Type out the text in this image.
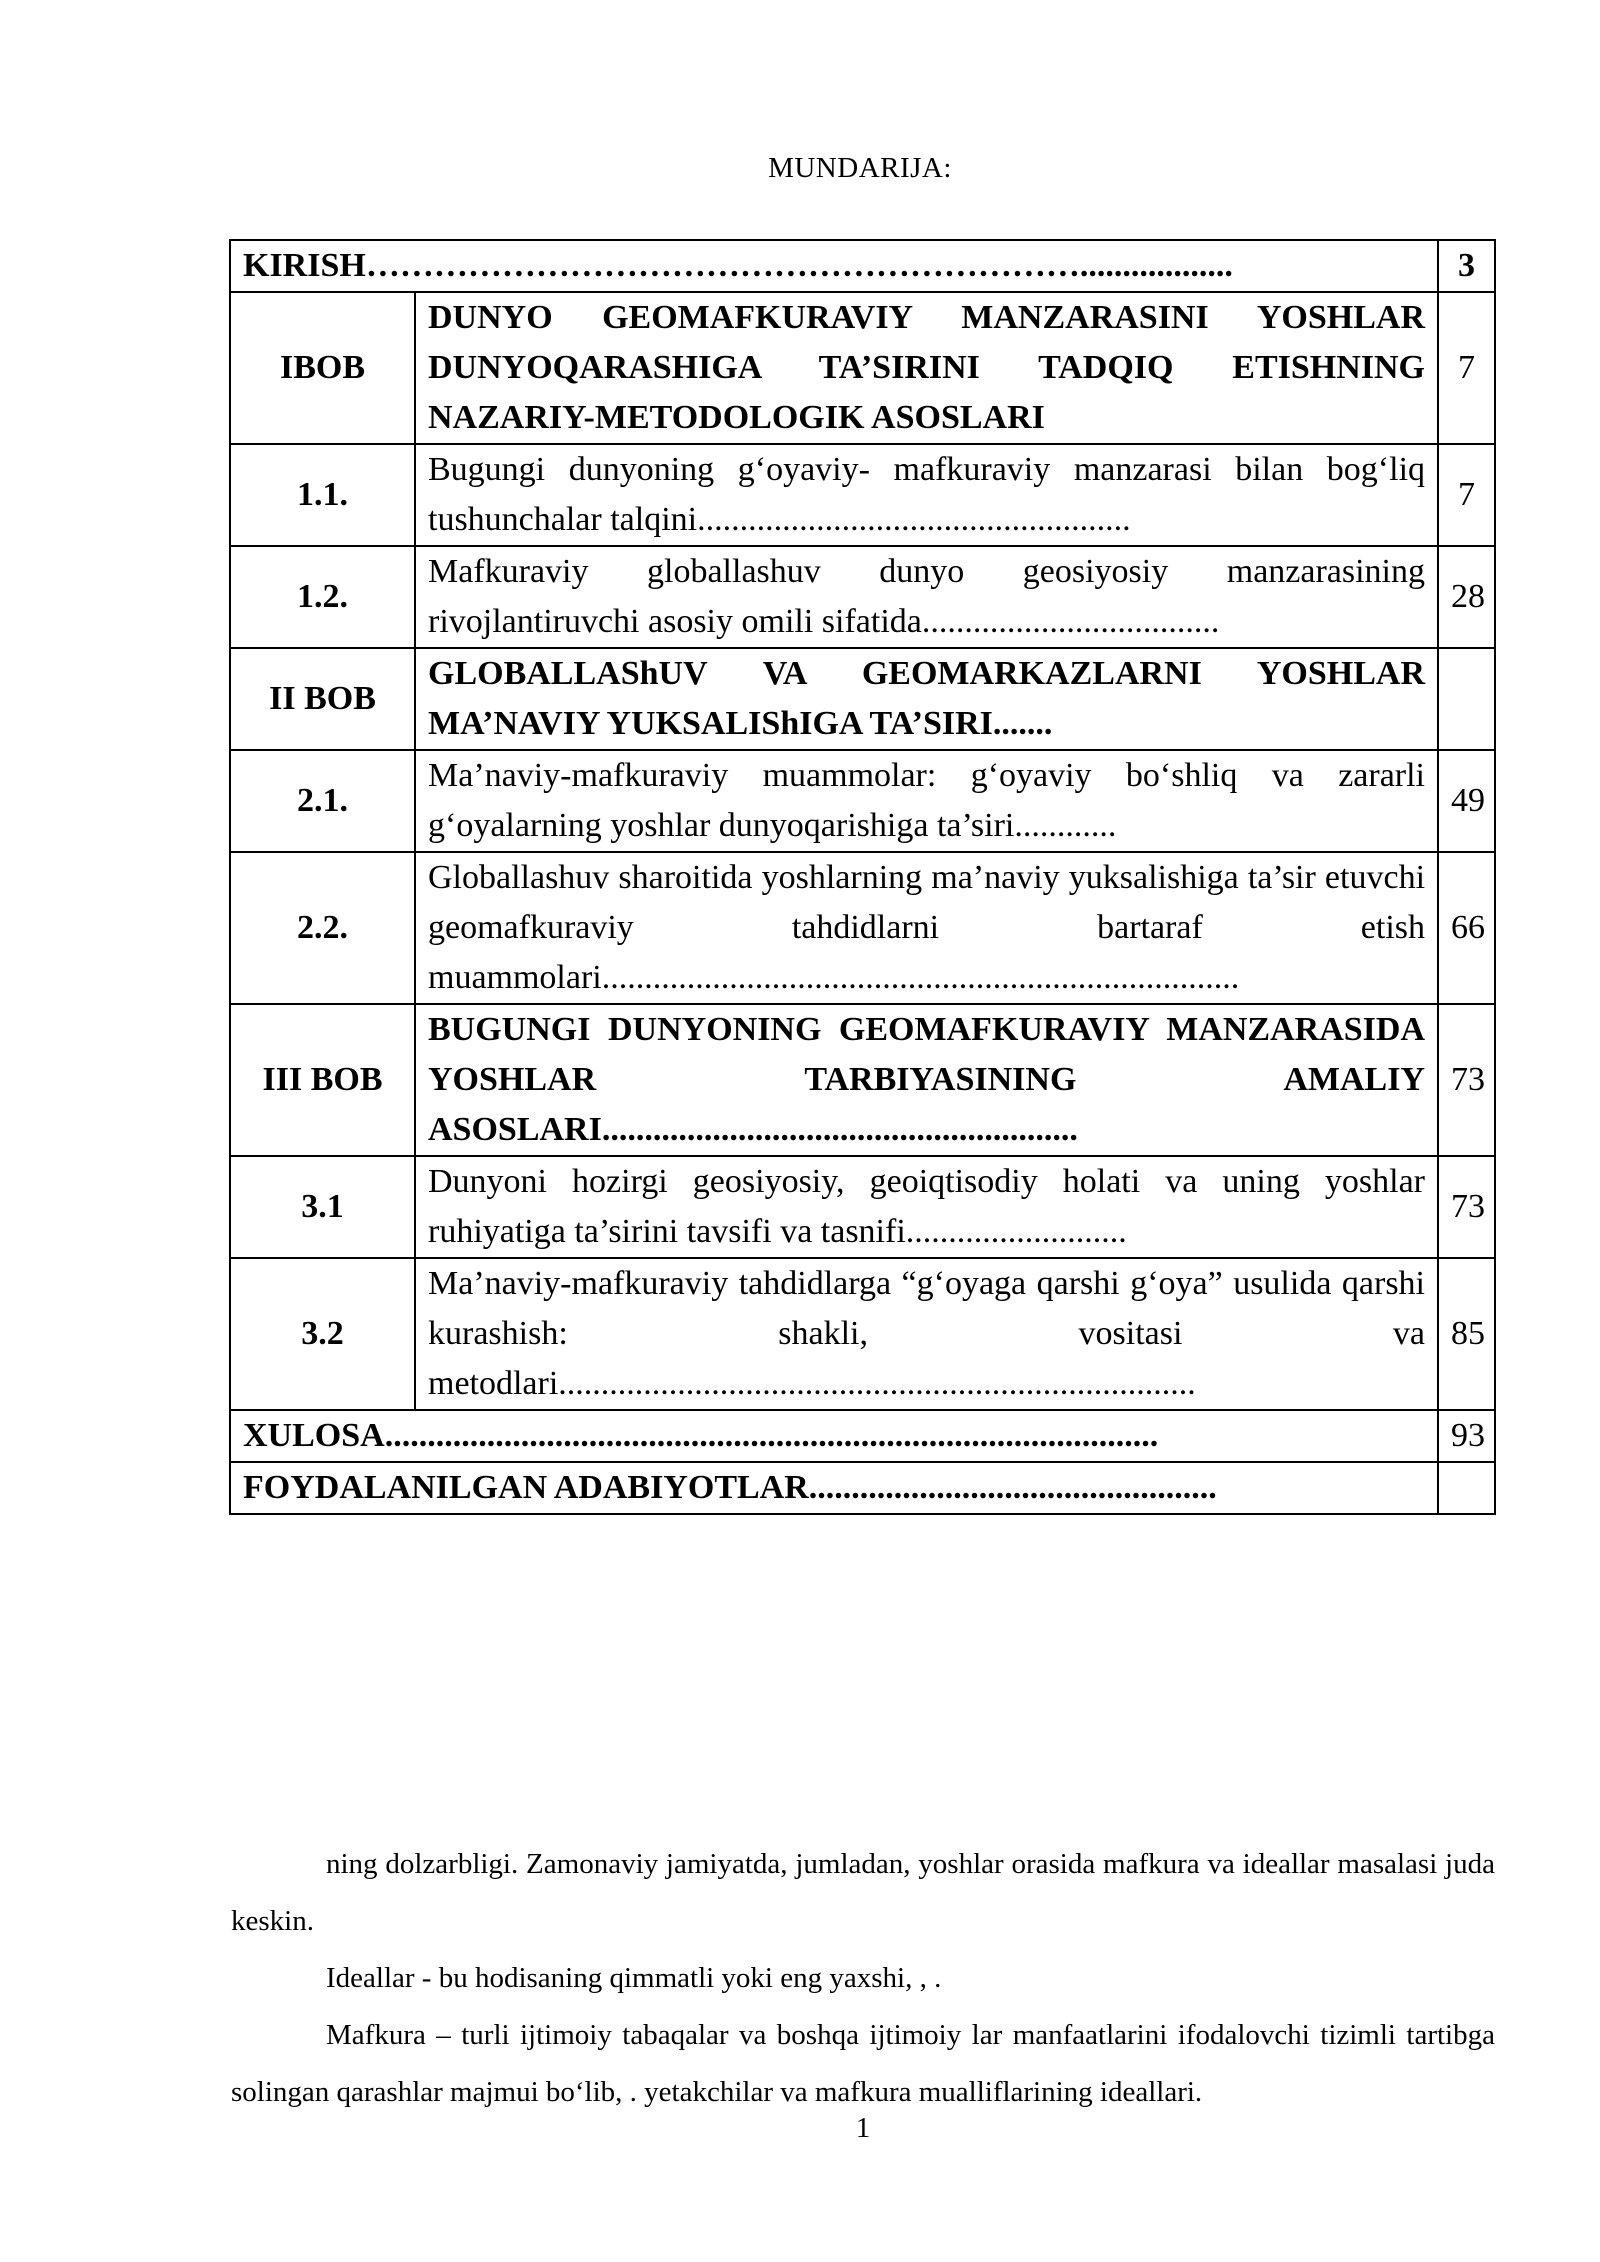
MUNDARIJA:
KIRISH………………………………………………………..................		3
IBOB	DUNYO GEOMAFKURAVIY MANZARASINI YOSHLAR DUNYOQARASHIGA TA’SIRINI TADQIQ ETISHNING NAZARIY-METODOLOGIK ASOSLARI	7
1.1.	Bugungi dunyoning g‘oyaviy- mafkuraviy manzarasi bilan bog‘liq tushunchalar talqini...................................................	7
1.2.	Mafkuraviy globallashuv dunyo geosiyosiy manzarasining rivojlantiruvchi asosiy omili sifatida...................................	28
II BOB	GLOBALLAShUV VA GEOMARKAZLARNI YOSHLAR MA’NAVIY YUKSALIShIGA TA’SIRI.......	
2.1.	Ma’naviy-mafkuraviy muammolar: g‘oyaviy bo‘shliq va zararli g‘oyalarning yoshlar dunyoqarishiga ta’siri............	49
2.2.	Globallashuv sharoitida yoshlarning ma’naviy yuksalishiga ta’sir etuvchi geomafkuraviy tahdidlarni bartaraf etish muammolari...........................................................................	66
III BOB	BUGUNGI DUNYONING GEOMAFKURAVIY MANZARASIDA YOSHLAR TARBIYASINING AMALIY ASOSLARI........................................................	73
3.1	Dunyoni hozirgi geosiyosiy, geoiqtisodiy holati va uning yoshlar ruhiyatiga ta’sirini tavsifi va tasnifi..........................	73
3.2	Ma’naviy-mafkuraviy tahdidlarga “g‘oyaga qarshi g‘oya” usulida qarshi kurashish: shakli, vositasi va metodlari...........................................................................	85
XULOSA...........................................................................................		93
FOYDALANILGAN ADABIYOTLAR................................................		

ning dolzarbligi. Zamonaviy jamiyatda, jumladan, yoshlar orasida mafkura va ideallar masalasi juda keskin.

Ideallar - bu hodisaning qimmatli yoki eng yaxshi, , .

Mafkura – turli ijtimoiy tabaqalar va boshqa ijtimoiy lar manfaatlarini ifodalovchi tizimli tartibga solingan qarashlar majmui bo‘lib, . yetakchilar va mafkura mualliflarining ideallari.

1
